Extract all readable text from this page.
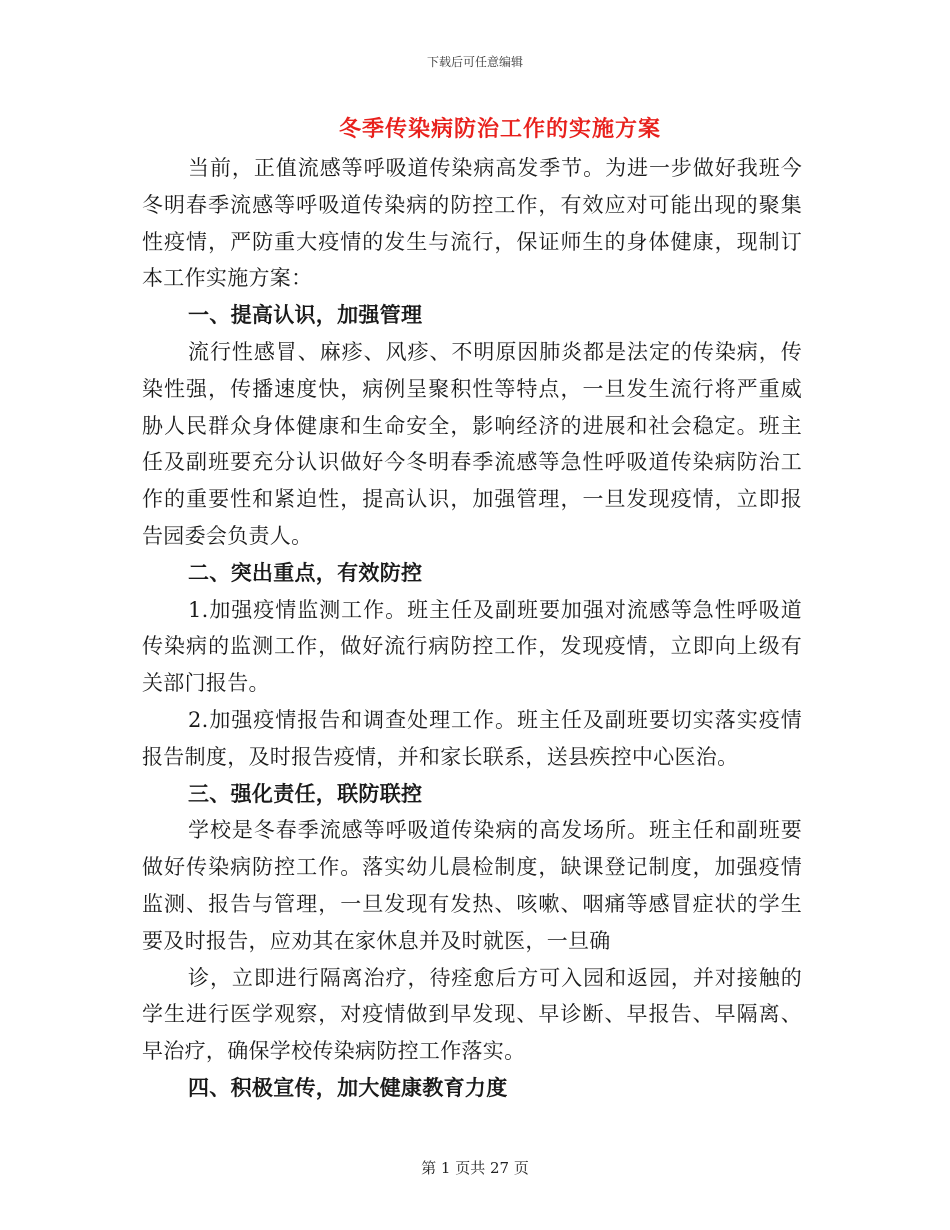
下载后可任意编辑
冬季传染病防治工作的实施方案

当前，正值流感等呼吸道传染病高发季节。为进一步做好我班今冬明春季流感等呼吸道传染病的防控工作，有效应对可能出现的聚集性疫情，严防重大疫情的发生与流行，保证师生的身体健康，现制订本工作实施方案：

一、提高认识，加强管理

流行性感冒、麻疹、风疹、不明原因肺炎都是法定的传染病，传染性强，传播速度快，病例呈聚积性等特点，一旦发生流行将严重威胁人民群众身体健康和生命安全，影响经济的进展和社会稳定。班主任及副班要充分认识做好今冬明春季流感等急性呼吸道传染病防治工作的重要性和紧迫性，提高认识，加强管理，一旦发现疫情，立即报告园委会负责人。

二、突出重点，有效防控

1.加强疫情监测工作。班主任及副班要加强对流感等急性呼吸道传染病的监测工作，做好流行病防控工作，发现疫情，立即向上级有关部门报告。

2.加强疫情报告和调查处理工作。班主任及副班要切实落实疫情报告制度，及时报告疫情，并和家长联系，送县疾控中心医治。

三、强化责任，联防联控

学校是冬春季流感等呼吸道传染病的高发场所。班主任和副班要做好传染病防控工作。落实幼儿晨检制度，缺课登记制度，加强疫情监测、报告与管理，一旦发现有发热、咳嗽、咽痛等感冒症状的学生要及时报告，应劝其在家休息并及时就医，一旦确

诊，立即进行隔离治疗，待痊愈后方可入园和返园，并对接触的学生进行医学观察，对疫情做到早发现、早诊断、早报告、早隔离、早治疗，确保学校传染病防控工作落实。

四、积极宣传，加大健康教育力度

第 1 页共 27 页
